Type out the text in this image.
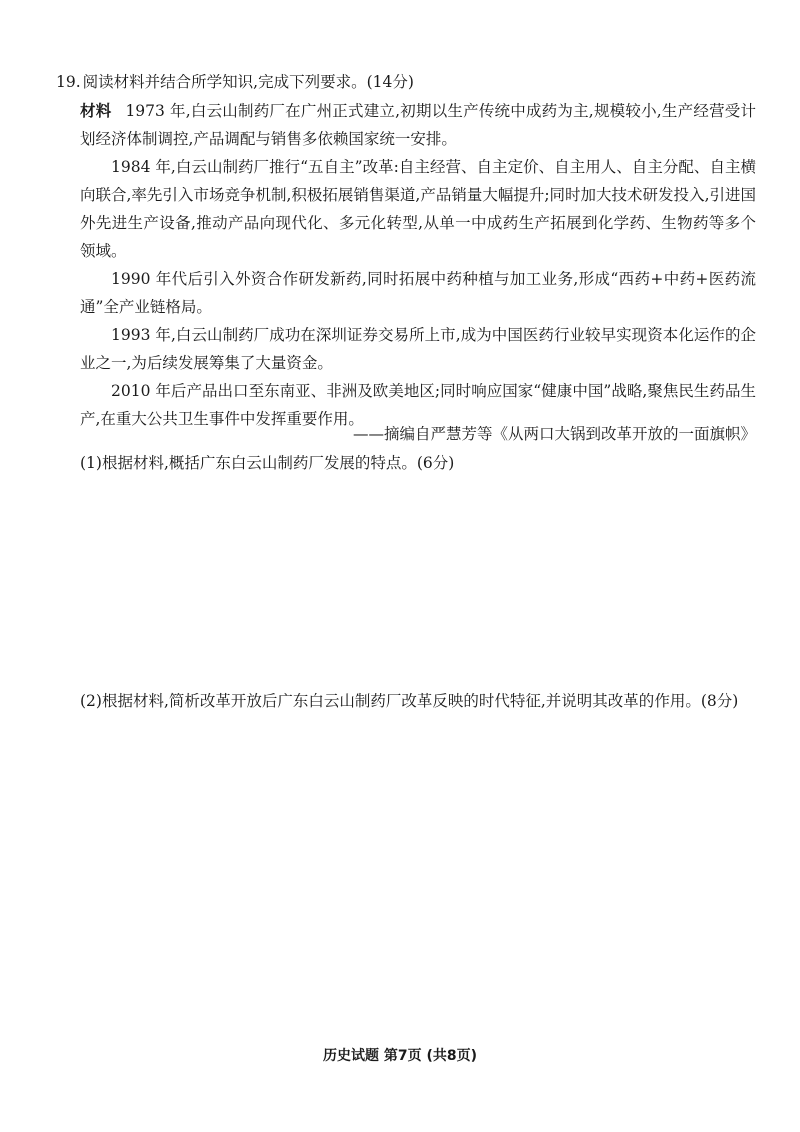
19. 阅读材料并结合所学知识,完成下列要求。(14分)

材料 1973 年,白云山制药厂在广州正式建立,初期以生产传统中成药为主,规模较小,生产经营受计划经济体制调控,产品调配与销售多依赖国家统一安排。

1984 年,白云山制药厂推行“五自主”改革:自主经营、自主定价、自主用人、自主分配、自主横向联合,率先引入市场竞争机制,积极拓展销售渠道,产品销量大幅提升;同时加大技术研发投入,引进国外先进生产设备,推动产品向现代化、多元化转型,从单一中成药生产拓展到化学药、生物药等多个领域。

1990 年代后引入外资合作研发新药,同时拓展中药种植与加工业务,形成“西药+中药+医药流通”全产业链格局。

1993 年,白云山制药厂成功在深圳证券交易所上市,成为中国医药行业较早实现资本化运作的企业之一,为后续发展筹集了大量资金。

2010 年后产品出口至东南亚、非洲及欧美地区;同时响应国家“健康中国”战略,聚焦民生药品生产,在重大公共卫生事件中发挥重要作用。

——摘编自严慧芳等《从两口大锅到改革开放的一面旗帜》
(1)根据材料,概括广东白云山制药厂发展的特点。(6分)
(2)根据材料,简析改革开放后广东白云山制药厂改革反映的时代特征,并说明其改革的作用。(8分)
历史试题 第7页 (共8页)
